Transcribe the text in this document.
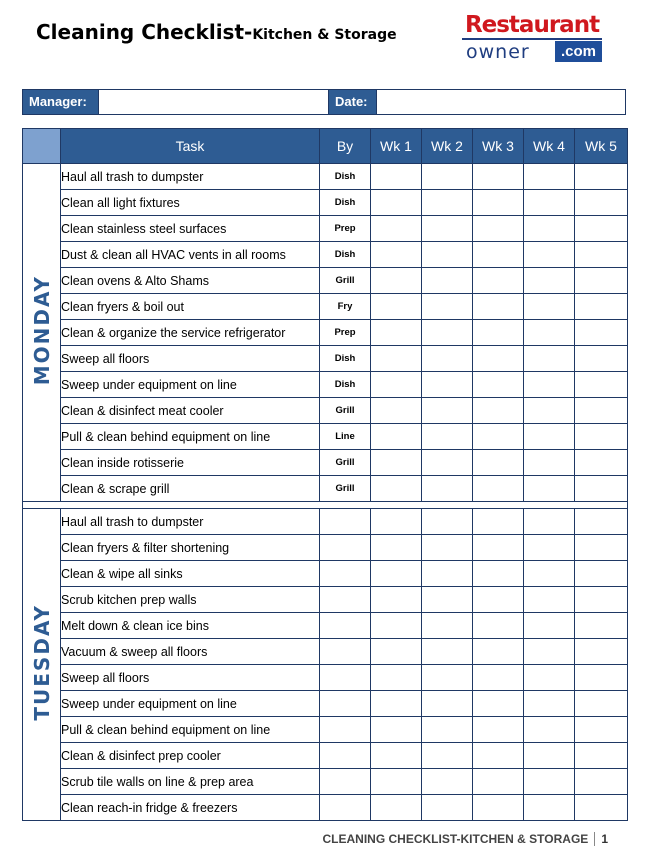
Cleaning Checklist-Kitchen & Storage	Restaurant
owner	.com
Manager:	Date:
	Task	By	Wk 1	Wk 2	Wk 3	Wk 4	Wk 5
MONDAY	Haul all trash to dumpster	Dish					
	Clean all light fixtures	Dish					
	Clean stainless steel surfaces	Prep					
	Dust & clean all HVAC vents in all rooms	Dish					
	Clean ovens & Alto Shams	Grill					
	Clean fryers & boil out	Fry					
	Clean & organize the service refrigerator	Prep					
	Sweep all floors	Dish					
	Sweep under equipment on line	Dish					
	Clean & disinfect meat cooler	Grill					
	Pull & clean behind equipment on line	Line					
	Clean inside rotisserie	Grill					
	Clean & scrape grill	Grill					

TUESDAY	Haul all trash to dumpster						
	Clean fryers & filter shortening						
	Clean & wipe all sinks						
	Scrub kitchen prep walls						
	Melt down & clean ice bins						
	Vacuum & sweep all floors						
	Sweep all floors						
	Sweep under equipment on line						
	Pull & clean behind equipment on line						
	Clean & disinfect prep cooler						
	Scrub tile walls on line & prep area						
	Clean reach-in fridge & freezers						
CLEANING CHECKLIST-KITCHEN & STORAGE	1
